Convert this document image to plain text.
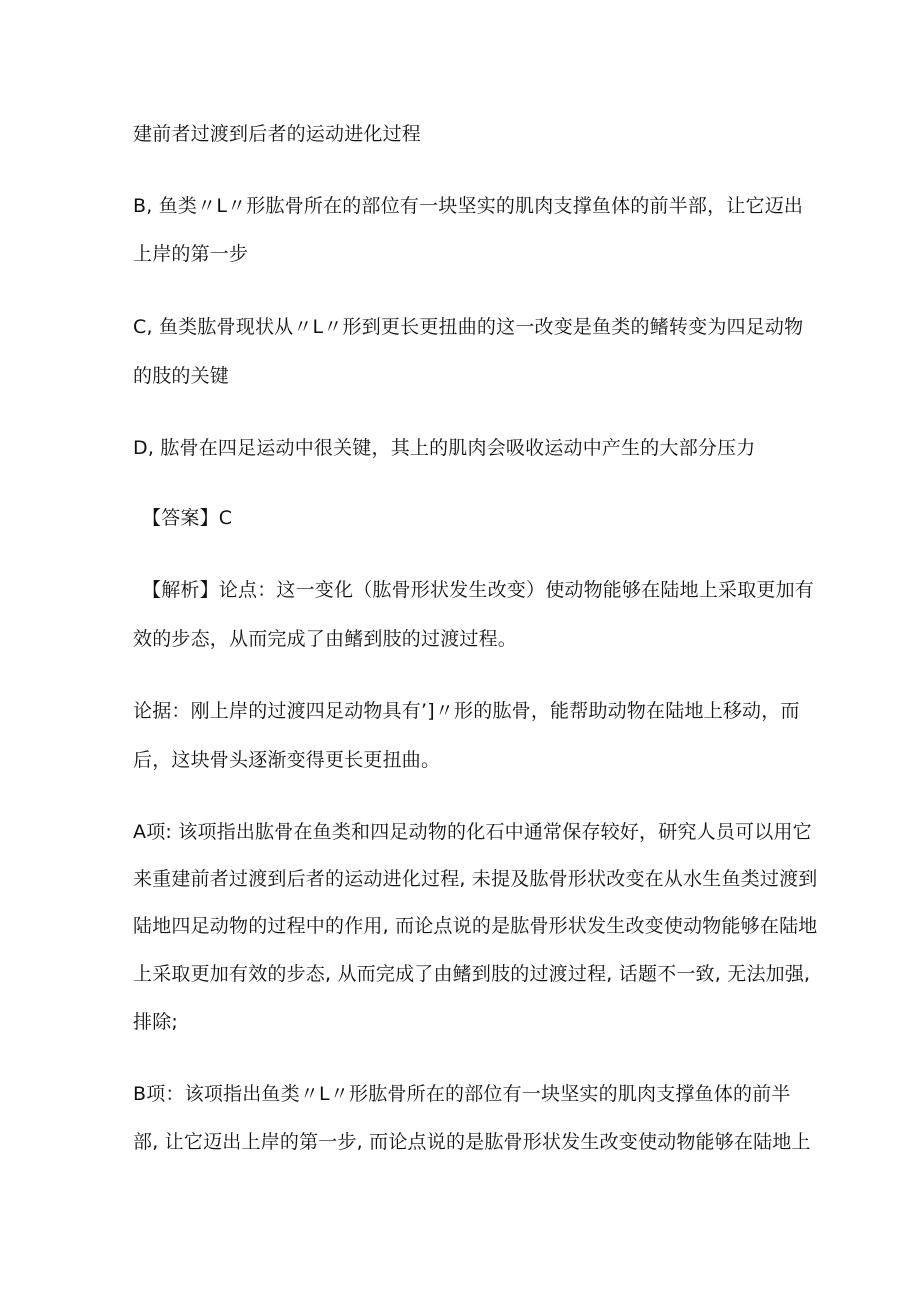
建前者过渡到后者的运动进化过程
B, 鱼类〃L〃形肱骨所在的部位有一块坚实的肌肉支撑鱼体的前半部，让它迈出
上岸的第一步
C, 鱼类肱骨现状从〃L〃形到更长更扭曲的这一改变是鱼类的鳍转变为四足动物
的肢的关键
D, 肱骨在四足运动中很关键，其上的肌肉会吸收运动中产生的大部分压力
【答案】C
【解析】论点：这一变化（肱骨形状发生改变）使动物能够在陆地上采取更加有
效的步态，从而完成了由鳍到肢的过渡过程。
论据：刚上岸的过渡四足动物具有’]〃形的肱骨，能帮助动物在陆地上移动，而
后，这块骨头逐渐变得更长更扭曲。
A项: 该项指出肱骨在鱼类和四足动物的化石中通常保存较好，研究人员可以用它
来重建前者过渡到后者的运动进化过程, 未提及肱骨形状改变在从水生鱼类过渡到
陆地四足动物的过程中的作用, 而论点说的是肱骨形状发生改变使动物能够在陆地
上采取更加有效的步态, 从而完成了由鳍到肢的过渡过程, 话题不一致, 无法加强,
排除;
B项：该项指出鱼类〃L〃形肱骨所在的部位有一块坚实的肌肉支撑鱼体的前半
部, 让它迈出上岸的第一步, 而论点说的是肱骨形状发生改变使动物能够在陆地上
